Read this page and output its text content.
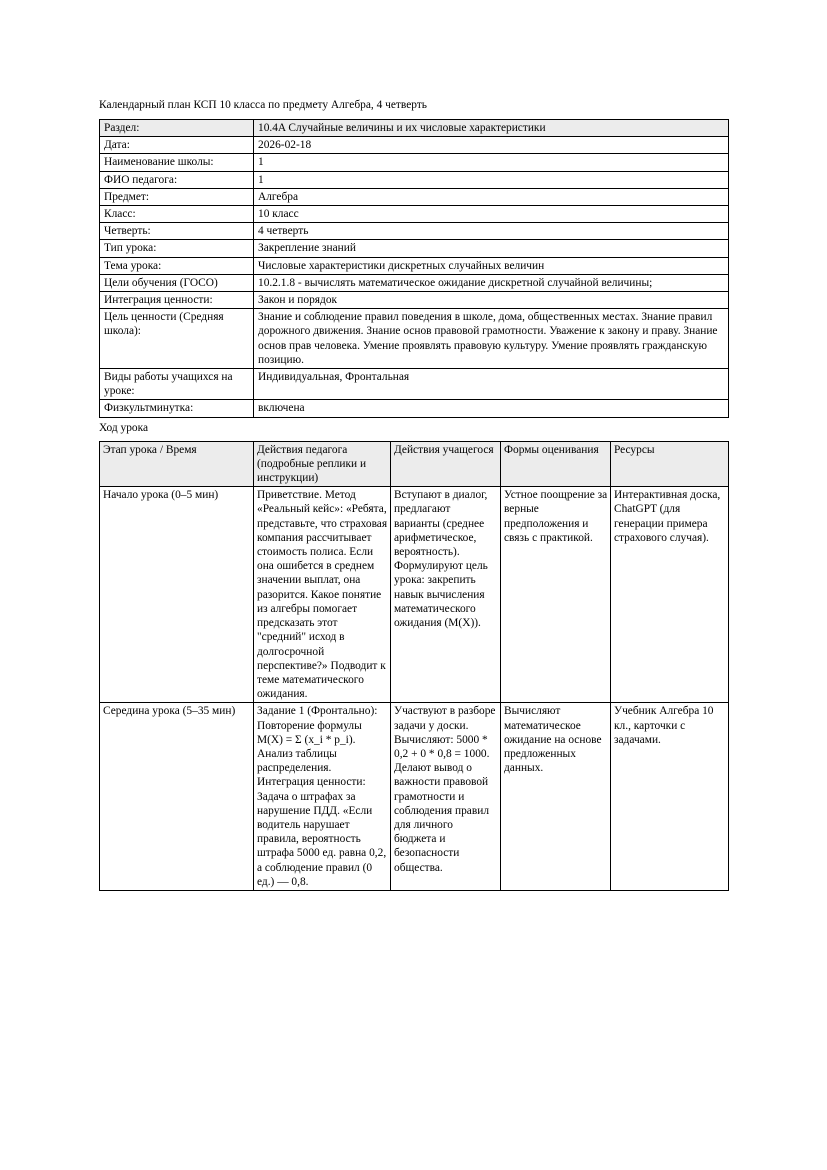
Календарный план КСП 10 класса по предмету Алгебра, 4 четверть
Раздел:	10.4A Случайные величины и их числовые характеристики
Дата:	2026-02-18
Наименование школы:	1
ФИО педагога:	1
Предмет:	Алгебра
Класс:	10 класс
Четверть:	4 четверть
Тип урока:	Закрепление знаний
Тема урока:	Числовые характеристики дискретных случайных величин
Цели обучения (ГОСО)	10.2.1.8 - вычислять математическое ожидание дискретной случайной величины;
Интеграция ценности:	Закон и порядок
Цель ценности (Средняя школа):	Знание и соблюдение правил поведения в школе, дома, общественных местах. Знание правил дорожного движения. Знание основ правовой грамотности. Уважение к закону и праву. Знание основ прав человека. Умение проявлять правовую культуру. Умение проявлять гражданскую позицию.
Виды работы учащихся на уроке:	Индивидуальная, Фронтальная
Физкультминутка:	включена
Ход урока
Этап урока / Время	Действия педагога (подробные реплики и инструкции)	Действия учащегося	Формы оценивания	Ресурсы
Начало урока (0–5 мин)	Приветствие. Метод «Реальный кейс»: «Ребята, представьте, что страховая компания рассчитывает стоимость полиса. Если она ошибется в среднем значении выплат, она разорится. Какое понятие из алгебры помогает предсказать этот "средний" исход в долгосрочной перспективе?» Подводит к теме математического ожидания.	Вступают в диалог, предлагают варианты (среднее арифметическое, вероятность). Формулируют цель урока: закрепить навык вычисления математического ожидания (M(X)).	Устное поощрение за верные предположения и связь с практикой.	Интерактивная доска, ChatGPT (для генерации примера страхового случая).
Середина урока (5–35 мин)	Задание 1 (Фронтально): Повторение формулы M(X) = Σ (x_i * p_i). Анализ таблицы распределения. Интеграция ценности: Задача о штрафах за нарушение ПДД. «Если водитель нарушает правила, вероятность штрафа 5000 ед. равна 0,2, а соблюдение правил (0 ед.) — 0,8.	Участвуют в разборе задачи у доски. Вычисляют: 5000 * 0,2 + 0 * 0,8 = 1000. Делают вывод о важности правовой грамотности и соблюдения правил для личного бюджета и безопасности общества.	Вычисляют математическое ожидание на основе предложенных данных.	Учебник Алгебра 10 кл., карточки с задачами.
